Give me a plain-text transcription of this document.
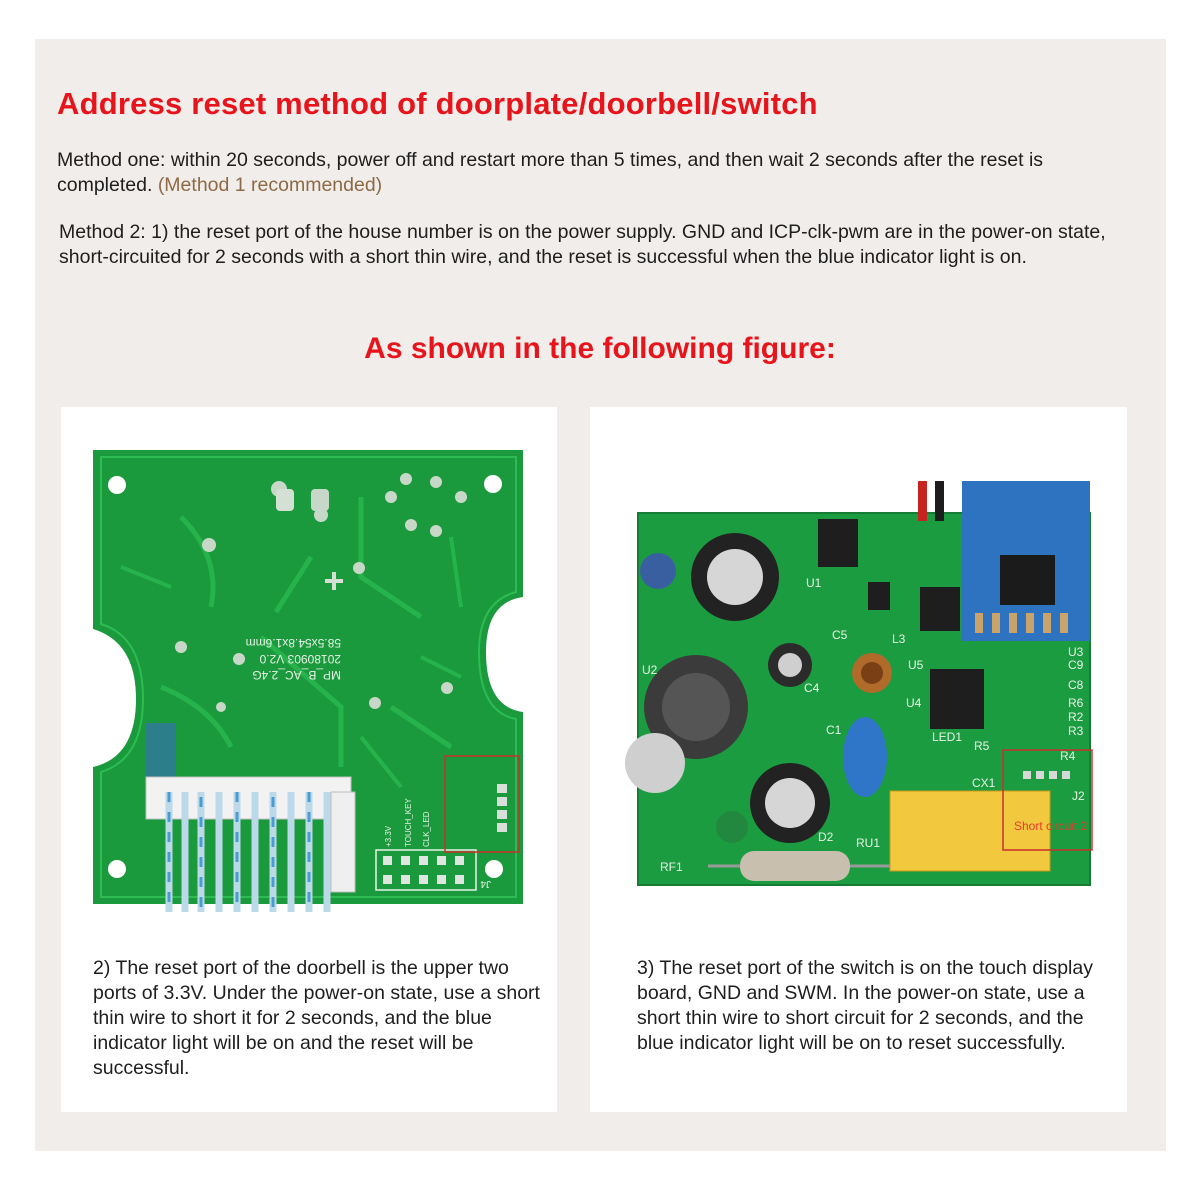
Address reset method of doorplate/doorbell/switch
Method one: within 20 seconds, power off and restart more than 5 times, and then wait 2 seconds after the reset is completed. (Method 1 recommended)
Method 2: 1) the reset port of the house number is on the power supply. GND and ICP-clk-pwm are in the power-on state, short-circuited for 2 seconds with a short thin wire, and the reset is successful when the blue indicator light is on.
As shown in the following figure:
MP_B_AC_2.4G
20180903 V2.0
58.5x54.8x1.6mm
J4
TOUCH_KEY CLK_LED
+3.3V
2) The reset port of the doorbell is the upper two ports of 3.3V. Under the power-on state, use a short thin wire to short it for 2 seconds, and the blue indicator light will be on and the reset will be successful.
Short circuit 2
U1
U2
C5	L3
U5
U4
C4
C1
U3
C9
C8
R6
R2
R3
R4
LED1
R5
CX1
J2
D2 RU1
RF1
3) The reset port of the switch is on the touch display board, GND and SWM. In the power-on state, use a short thin wire to short circuit for 2 seconds, and the blue indicator light will be on to reset successfully.
